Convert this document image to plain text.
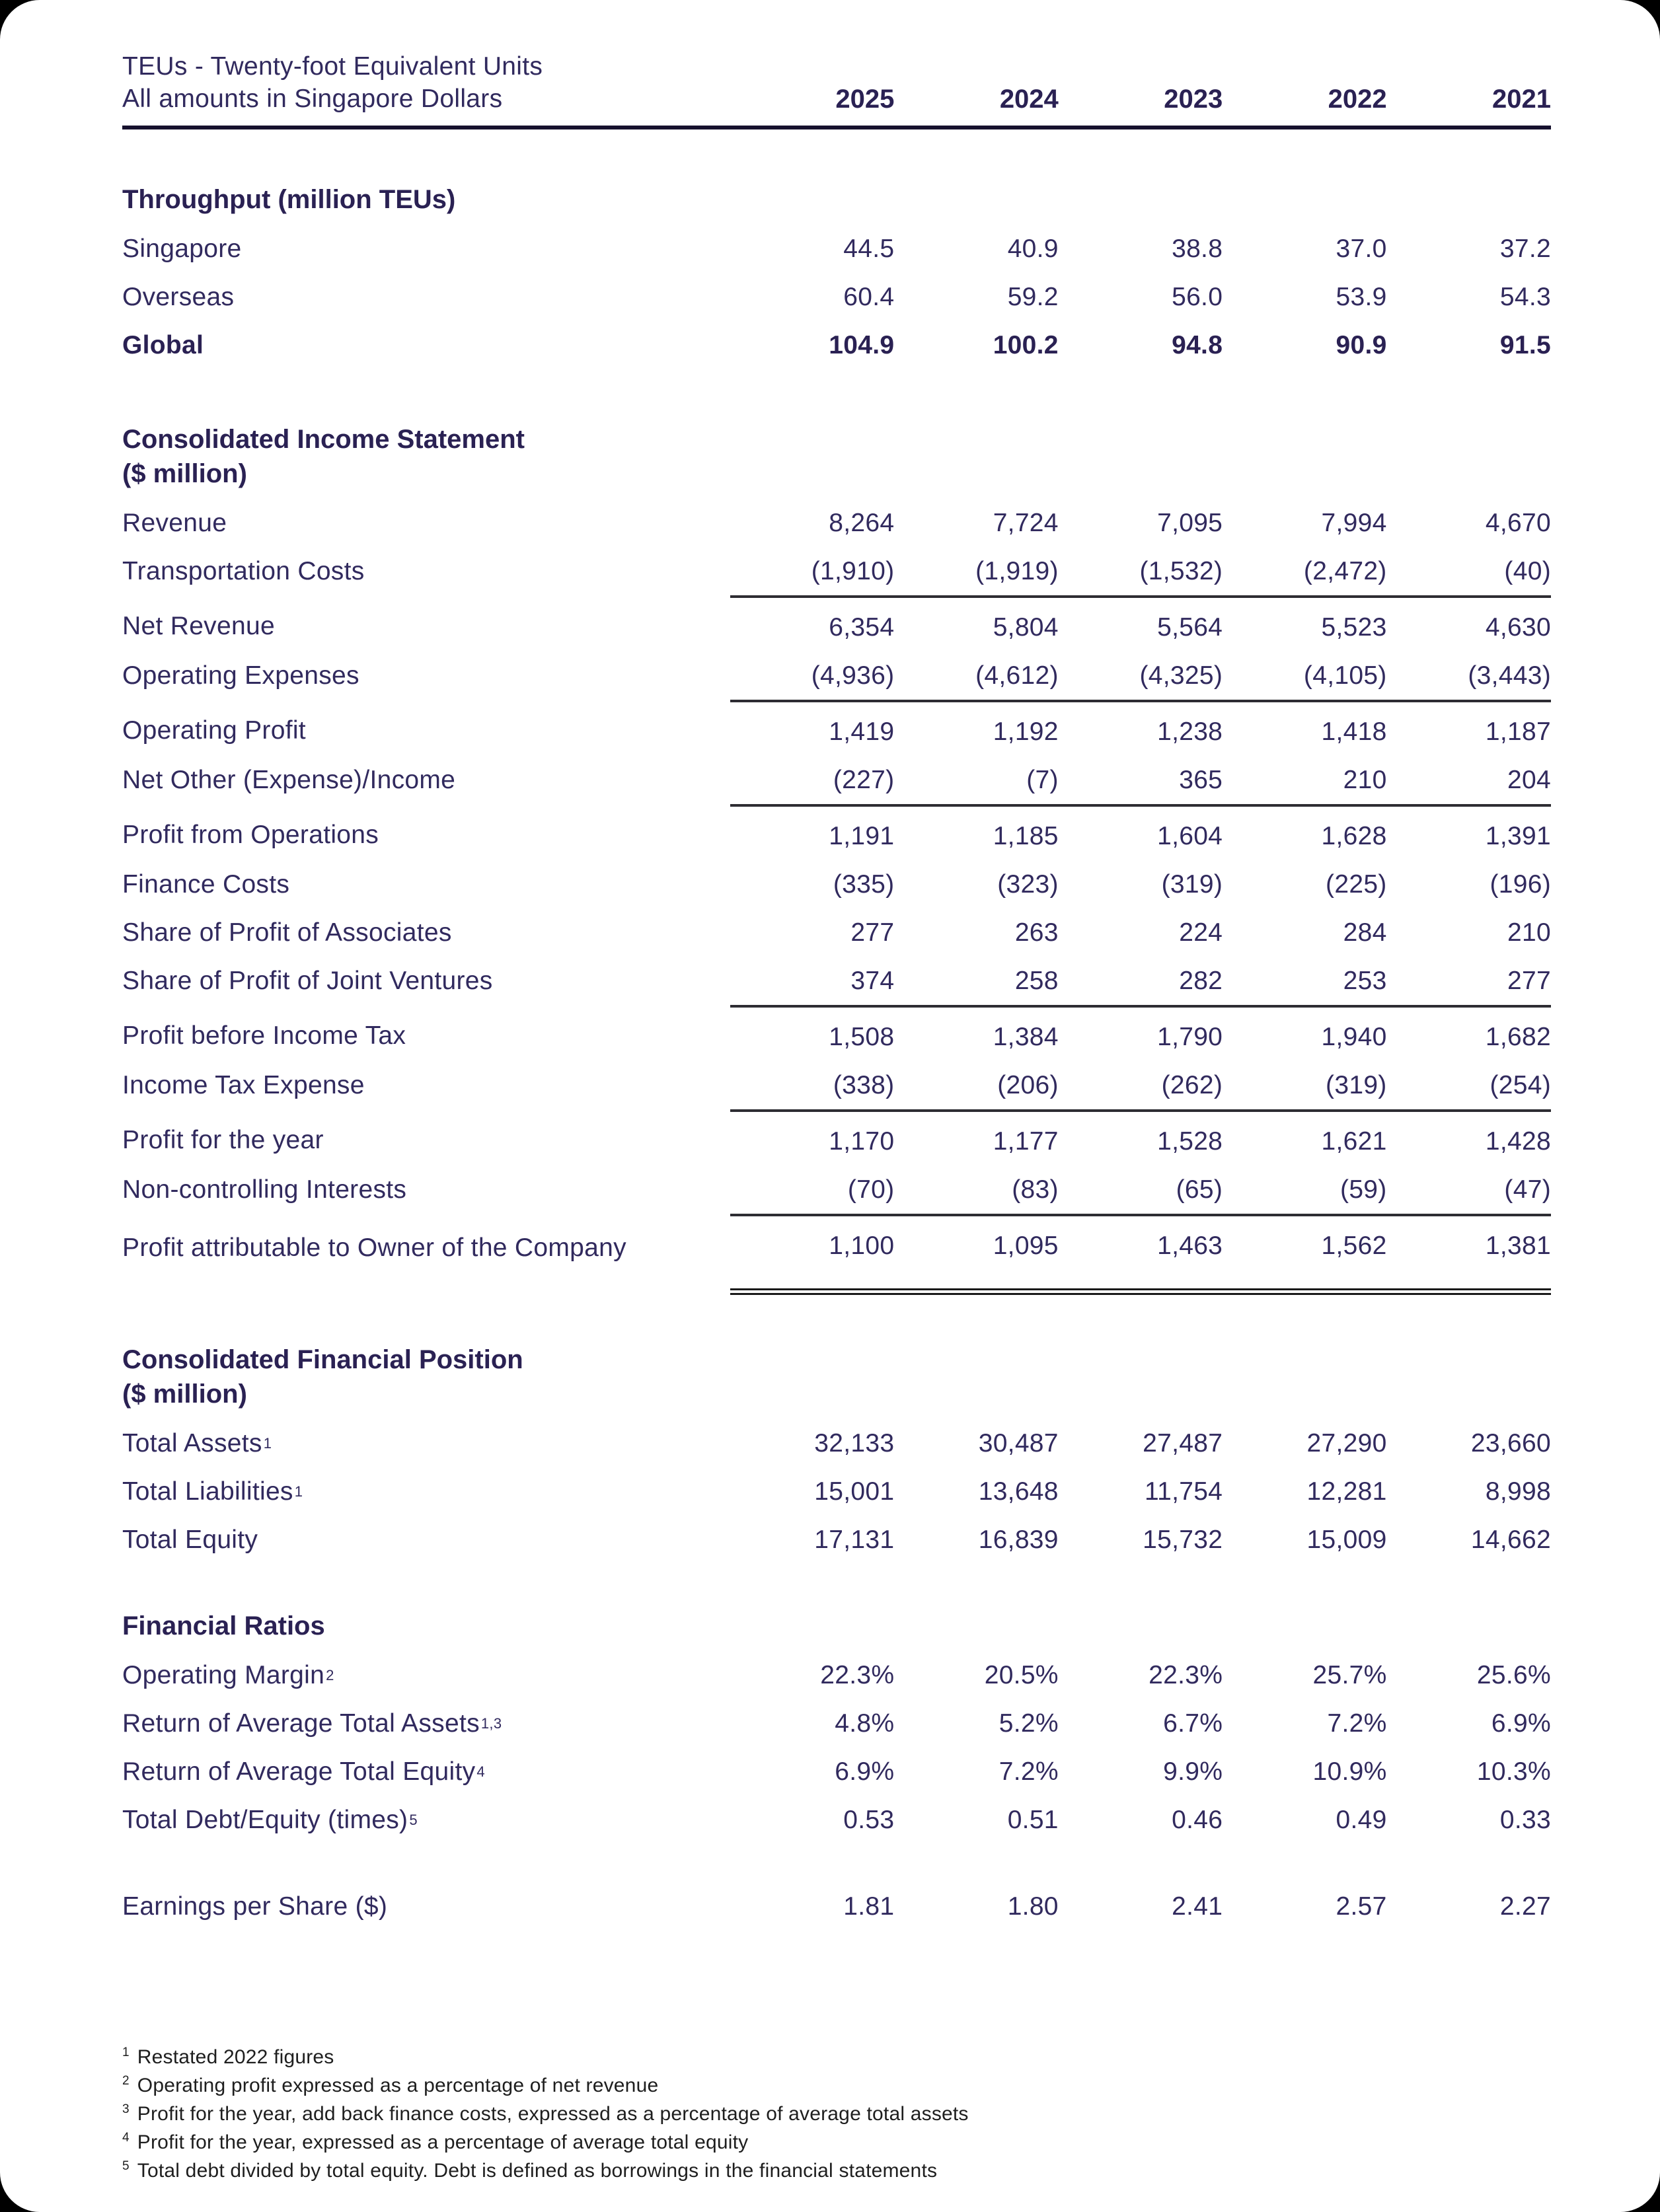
TEUs - Twenty-foot Equivalent Units
All amounts in Singapore Dollars	2025	2024	2023	2022	2021
Throughput (million TEUs)
Singapore	44.5	40.9	38.8	37.0	37.2
Overseas	60.4	59.2	56.0	53.9	54.3
Global	104.9	100.2	94.8	90.9	91.5
Consolidated Income Statement
($ million)
Revenue	8,264	7,724	7,095	7,994	4,670
Transportation Costs	(1,910)	(1,919)	(1,532)	(2,472)	(40)
Net Revenue	6,354	5,804	5,564	5,523	4,630
Operating Expenses	(4,936)	(4,612)	(4,325)	(4,105)	(3,443)
Operating Profit	1,419	1,192	1,238	1,418	1,187
Net Other (Expense)/Income	(227)	(7)	365	210	204
Profit from Operations	1,191	1,185	1,604	1,628	1,391
Finance Costs	(335)	(323)	(319)	(225)	(196)
Share of Profit of Associates	277	263	224	284	210
Share of Profit of Joint Ventures	374	258	282	253	277
Profit before Income Tax	1,508	1,384	1,790	1,940	1,682
Income Tax Expense	(338)	(206)	(262)	(319)	(254)
Profit for the year	1,170	1,177	1,528	1,621	1,428
Non-controlling Interests	(70)	(83)	(65)	(59)	(47)
Profit attributable to Owner of the Company	1,100	1,095	1,463	1,562	1,381
Consolidated Financial Position
($ million)
Total Assets 1	32,133	30,487	27,487	27,290	23,660
Total Liabilities 1	15,001	13,648	11,754	12,281	8,998
Total Equity	17,131	16,839	15,732	15,009	14,662
Financial Ratios
Operating Margin 2	22.3%	20.5%	22.3%	25.7%	25.6%
Return of Average Total Assets 1,3	4.8%	5.2%	6.7%	7.2%	6.9%
Return of Average Total Equity 4	6.9%	7.2%	9.9%	10.9%	10.3%
Total Debt/Equity (times) 5	0.53	0.51	0.46	0.49	0.33
Earnings per Share ($)	1.81	1.80	2.41	2.57	2.27
$^1$ Restated 2022 figures
$^2$ Operating profit expressed as a percentage of net revenue
$^3$ Profit for the year, add back finance costs, expressed as a percentage of average total assets
$^4$ Profit for the year, expressed as a percentage of average total equity
$^5$ Total debt divided by total equity. Debt is defined as borrowings in the financial statements
